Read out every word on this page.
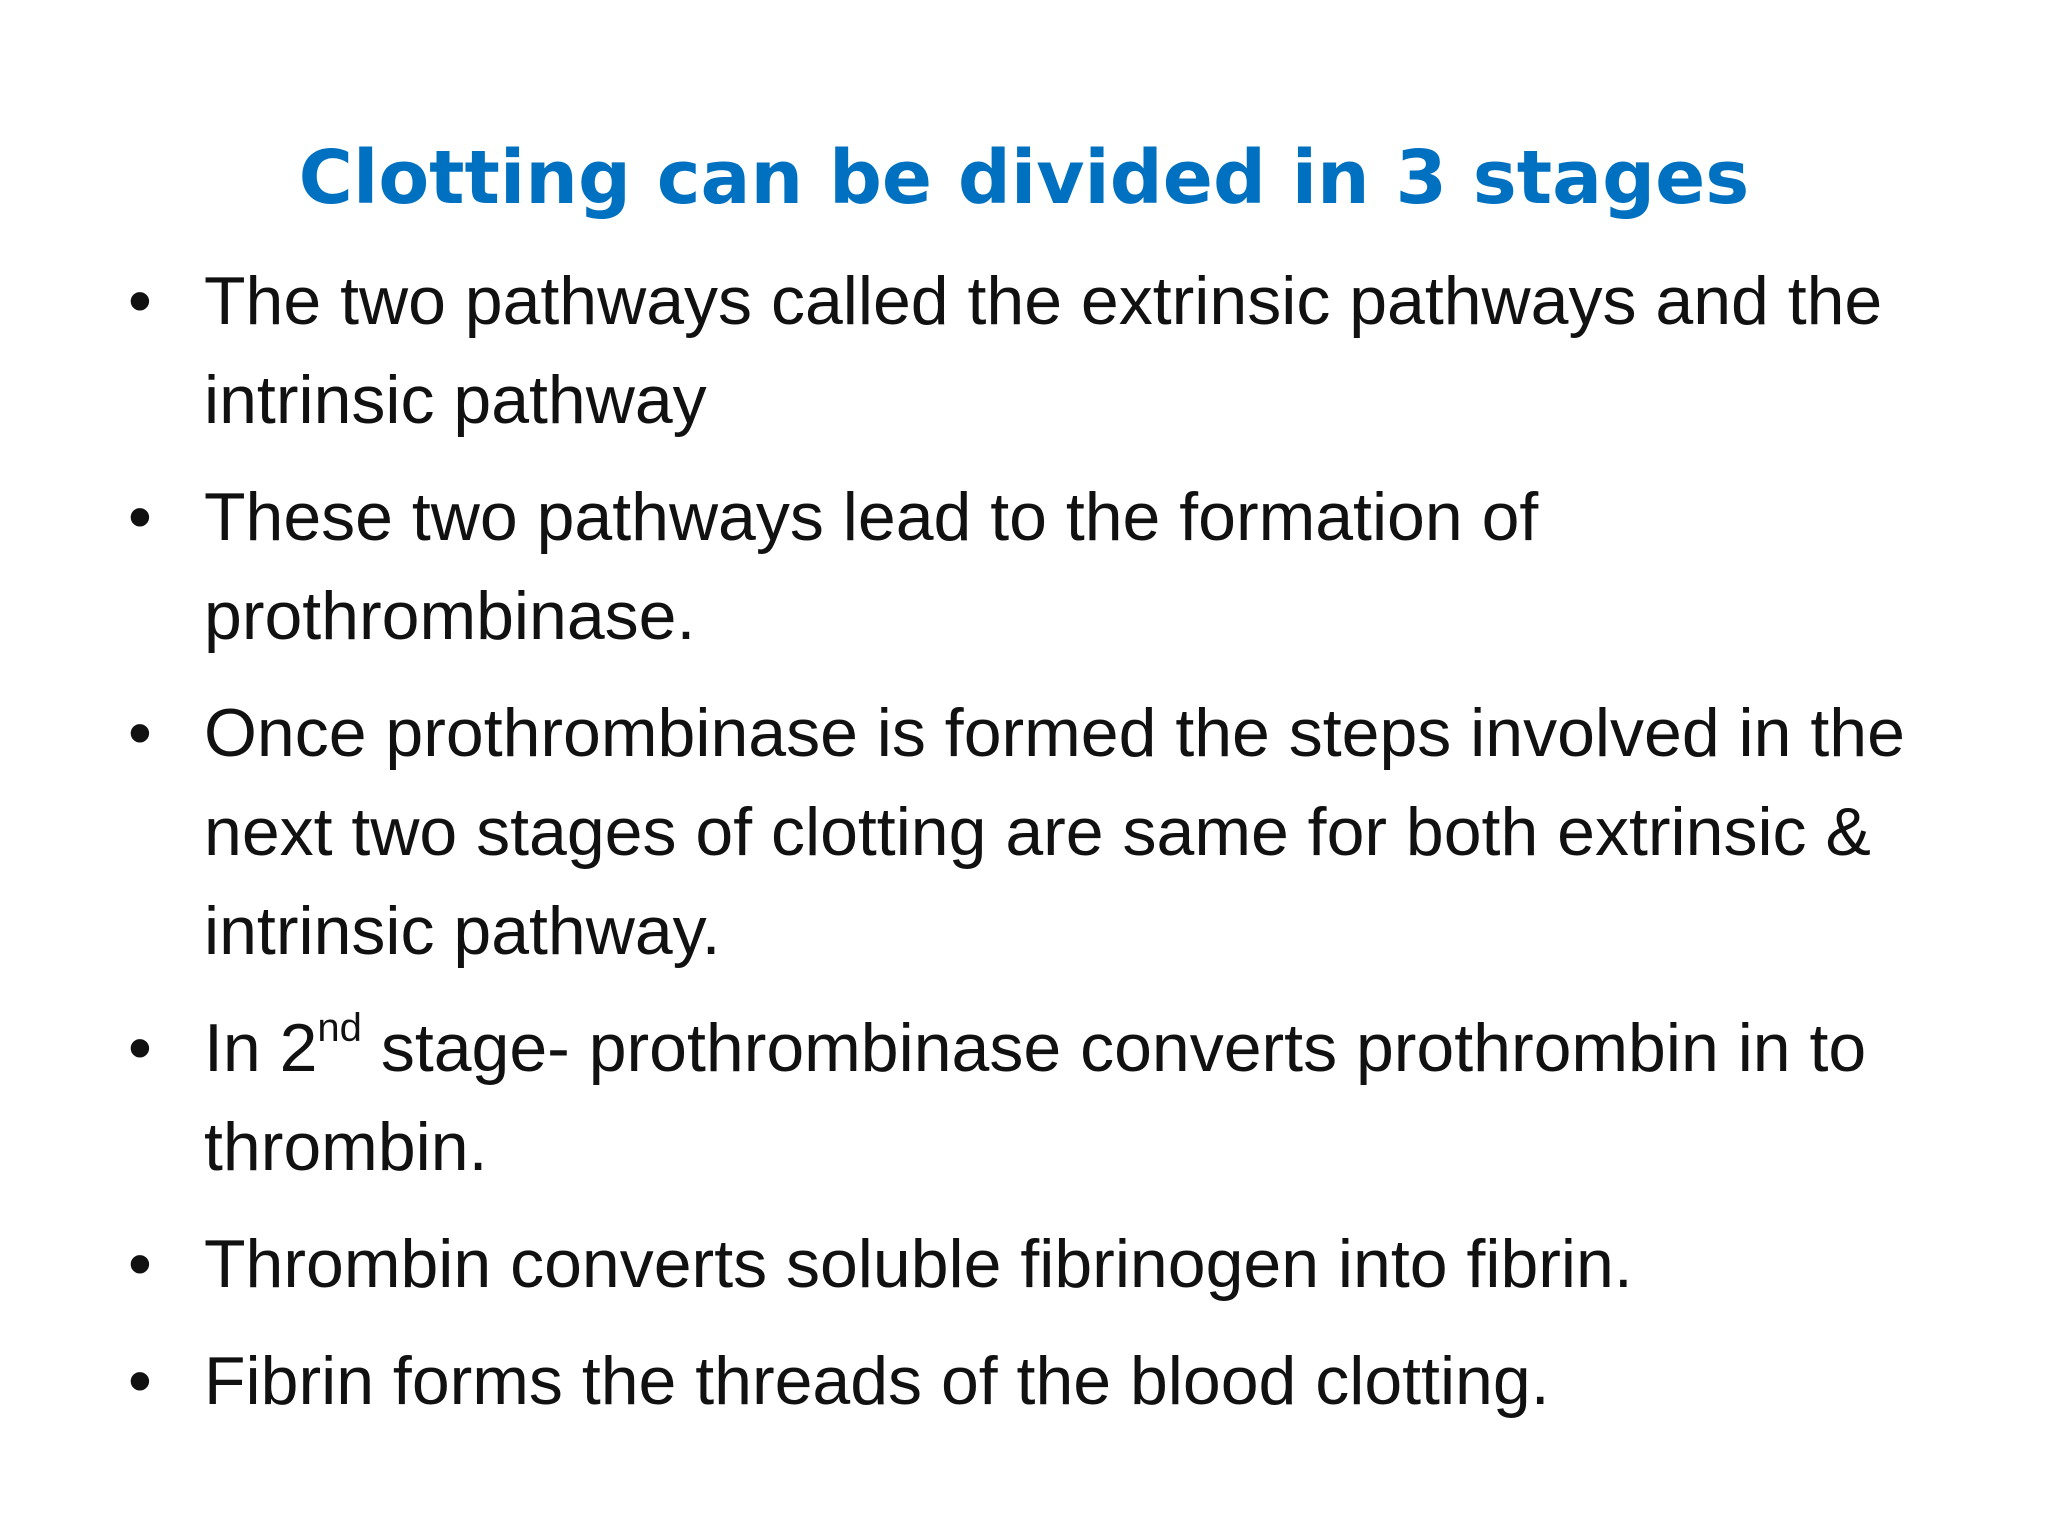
Clotting can be divided in 3 stages
• The two pathways called the extrinsic pathways and the intrinsic pathway
• These two pathways lead to the formation of prothrombinase.
• Once prothrombinase is formed the steps involved in the next two stages of clotting are same for both extrinsic & intrinsic pathway.
• In 2nd stage- prothrombinase converts prothrombin in to thrombin.
• Thrombin converts soluble fibrinogen into fibrin.
• Fibrin forms the threads of the blood clotting.
